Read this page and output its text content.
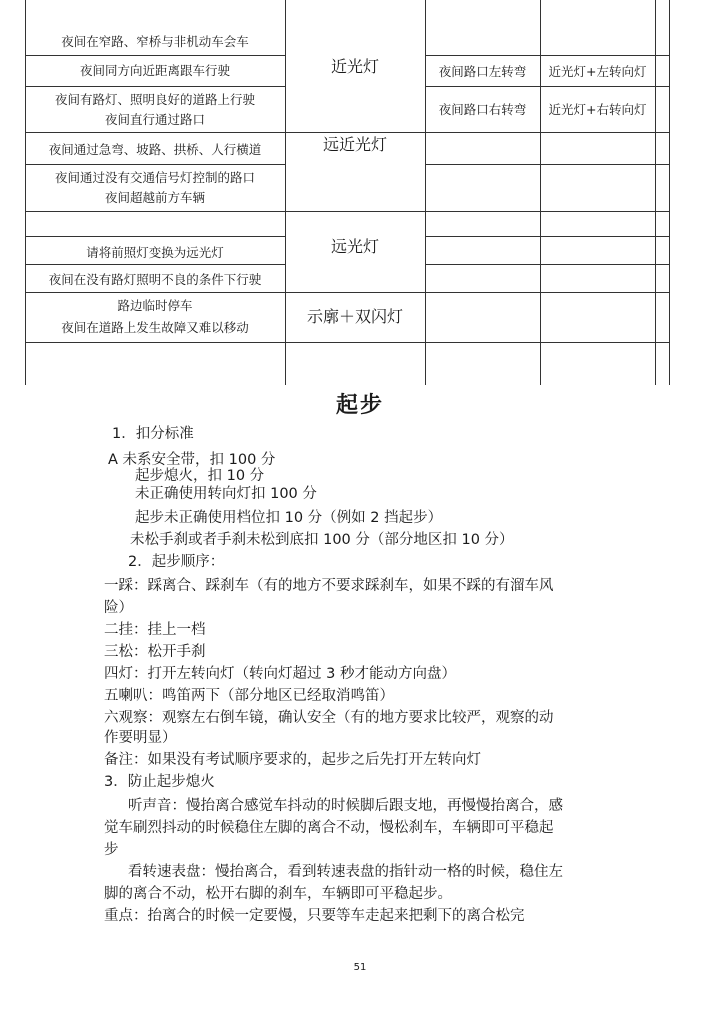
夜间在窄路、窄桥与非机动车会车
夜间同方向近距离跟车行驶
夜间有路灯、照明良好的道路上行驶
夜间直行通过路口
夜间通过急弯、坡路、拱桥、人行横道
夜间通过没有交通信号灯控制的路口
夜间超越前方车辆
请将前照灯变换为远光灯
夜间在没有路灯照明不良的条件下行驶
路边临时停车
夜间在道路上发生故障又难以移动
近光灯
远近光灯
远光灯
示廓＋双闪灯
夜间路口左转弯	近光灯+左转向灯
夜间路口右转弯	近光灯+右转向灯
起步
1．扣分标准
A 未系安全带，扣 100 分
起步熄火，扣 10 分
未正确使用转向灯扣 100 分
起步未正确使用档位扣 10 分（例如 2 挡起步）
未松手刹或者手刹未松到底扣 100 分（部分地区扣 10 分）
2．起步顺序：
一踩：踩离合、踩刹车（有的地方不要求踩刹车，如果不踩的有溜车风
险）
二挂：挂上一档
三松：松开手刹
四灯：打开左转向灯（转向灯超过 3 秒才能动方向盘）
五喇叭：鸣笛两下（部分地区已经取消鸣笛）
六观察：观察左右倒车镜，确认安全（有的地方要求比较严，观察的动
作要明显）
备注：如果没有考试顺序要求的，起步之后先打开左转向灯
3．防止起步熄火
听声音：慢抬离合感觉车抖动的时候脚后跟支地，再慢慢抬离合，感
觉车刷烈抖动的时候稳住左脚的离合不动，慢松刹车，车辆即可平稳起
步
看转速表盘：慢抬离合，看到转速表盘的指针动一格的时候，稳住左
脚的离合不动，松开右脚的刹车，车辆即可平稳起步。
重点：抬离合的时候一定要慢，只要等车走起来把剩下的离合松完
51
